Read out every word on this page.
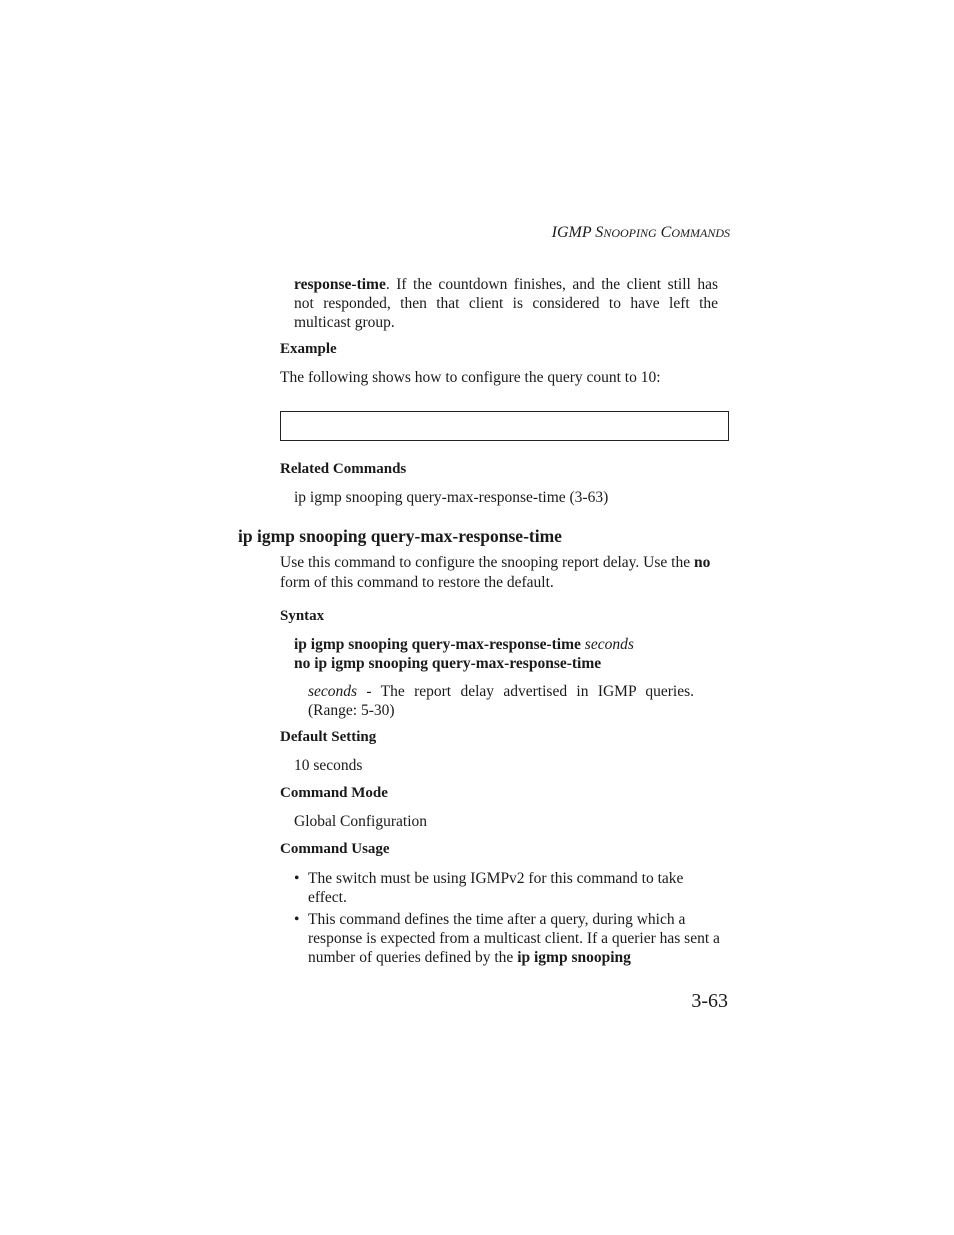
IGMP SNOOPING COMMANDS
response-time. If the countdown finishes, and the client still has not responded, then that client is considered to have left the multicast group.
Example
The following shows how to configure the query count to 10:
Related Commands
ip igmp snooping query-max-response-time (3-63)
ip igmp snooping query-max-response-time
Use this command to configure the snooping report delay. Use the no form of this command to restore the default.
Syntax
ip igmp snooping query-max-response-time seconds
no ip igmp snooping query-max-response-time
seconds - The report delay advertised in IGMP queries. (Range: 5-30)
Default Setting
10 seconds
Command Mode
Global Configuration
Command Usage
• The switch must be using IGMPv2 for this command to take effect.
• This command defines the time after a query, during which a response is expected from a multicast client. If a querier has sent a number of queries defined by the ip igmp snooping
3-63
